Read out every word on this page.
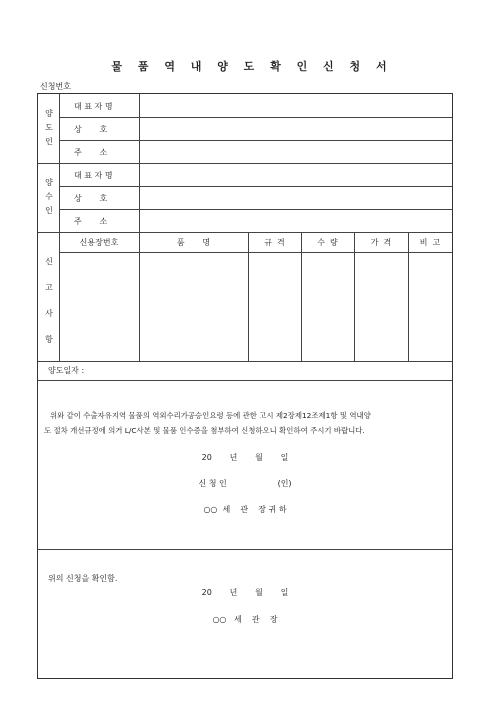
물 품 역 내 양 도 확 인 신 청 서
신청번호
양
도
인
대 표 자 명
상       호
주       소
양
수
인
대 표 자 명
상       호
주       소
신
고
사
항
신용장번호	품       명	규  격	수  량	가  격	비  고
양도일자 :
위와 같이 수출자유지역 물품의 역외수리가공승인요령 등에 관한 고시 제2장제12조제1항 및 역내양
도 절차 개선규정에 의거 L/C사본 및 물품 인수증을 첨부하여 신청하오니 확인하여 주시기 바랍니다.
20       년       월       일
신 청 인                    (인)
○○  세    관    장 귀 하
위의 신청을 확인함.
20       년       월       일
○○   세    관    장
